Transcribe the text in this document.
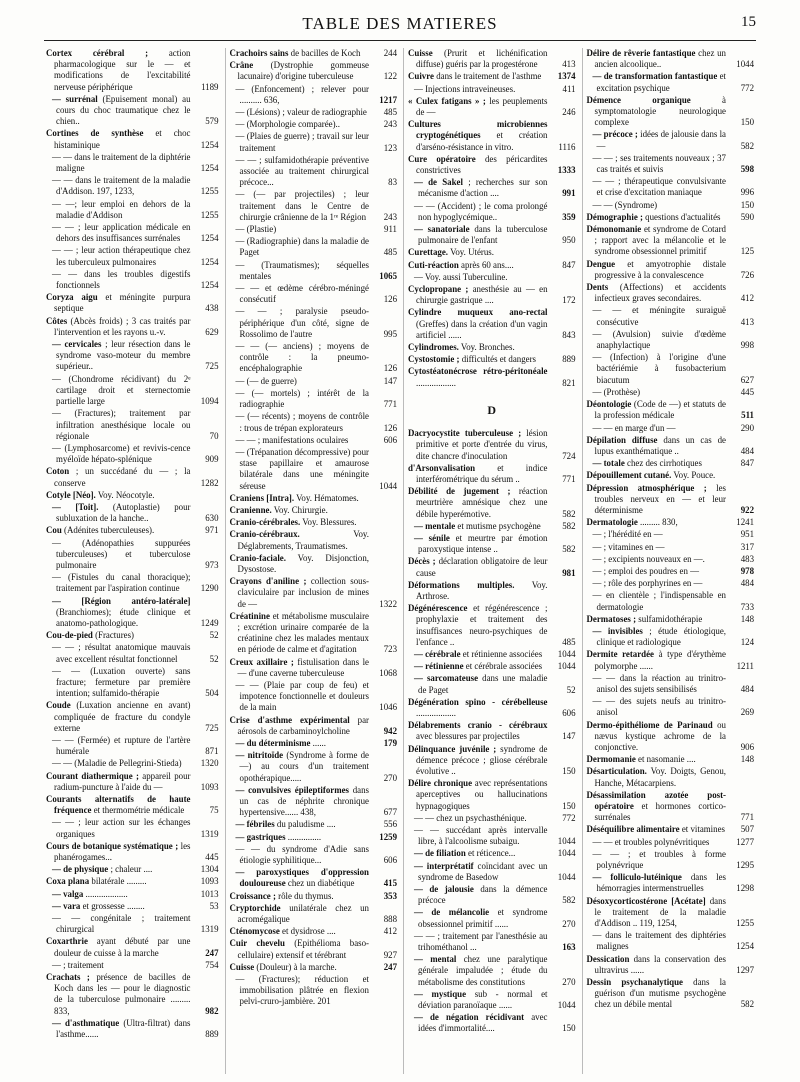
TABLE DES MATIERES	15
Cortex cérébral ; action pharmacologique sur le — et modifications de l'excitabilité nerveuse périphérique	1189
— surrénal (Epuisement monal) au cours du choc traumatique chez le chien..	579
Cortines de synthèse et choc histaminique	1254
— — dans le traitement de la diphtérie maligne	1254
— — dans le traitement de la maladie d'Addison. 197, 1233,	1255
— —; leur emploi en dehors de la maladie d'Addison	1255
— — ; leur application médicale en dehors des insuffisances surrénales	1254
— — ; leur action thérapeutique chez les tuberculeux pulmonaires	1254
— — dans les troubles digestifs fonctionnels	1254
Coryza aigu et méningite purpura septique	438
Côtes (Abcès froids) ; 3 cas traités par l'intervention et les rayons u.-v.	629
— cervicales ; leur résection dans le syndrome vaso-moteur du membre supérieur..	725
— (Chondrome récidivant) du 2ᵉ cartilage droit et sternectomie partielle large	1094
— (Fractures); traitement par infiltration anesthésique locale ou régionale	70
— (Lymphosarcome) et revivis-cence myéloïde hépato-splénique	909
Coton ; un succédané du — ; la conserve	1282
Cotyle [Néo]. Voy. Néocotyle.
— [Toit]. (Autoplastie) pour subluxation de la hanche..	630
Cou (Adénites tuberculeuses).	971
— (Adénopathies suppurées tuberculeuses) et tuberculose pulmonaire	973
— (Fistules du canal thoracique); traitement par l'aspiration continue	1290
— [Région antéro-latérale] (Branchiomes); étude clinique et anatomo-pathologique.	1249
Cou-de-pied (Fractures)	52
— — ; résultat anatomique mauvais avec excellent résultat fonctionnel	52
— — (Luxation ouverte) sans fracture; fermeture par première intention; sulfamido-thérapie	504
Coude (Luxation ancienne en avant) compliquée de fracture du condyle externe	725
— — (Fermée) et rupture de l'artère humérale	871
— — (Maladie de Pellegrini-Stieda)	1320
Courant diathermique ; appareil pour radium-puncture à l'aide du —	1093
Courants alternatifs de haute fréquence et thermométrie médicale	75
— — ; leur action sur les échanges organiques	1319
Cours de botanique systématique ; les phanérogames...	445
— de physique ; chaleur ....	1304
Coxa plana bilatérale .........	1093
— valga ...................	1013
— vara et grossesse ........	53
— — congénitale ; traitement chirurgical	1319
Coxarthrie ayant débuté par une douleur de cuisse à la marche	247
— ; traitement	754
Crachats ; présence de bacilles de Koch dans les — pour le diagnostic de la tuberculose pulmonaire ......... 833,	982
— d'asthmatique (Ultra-filtrat) dans l'asthme......	889
Crachoirs sains de bacilles de Koch	244
Crâne (Dystrophie gommeuse lacunaire) d'origine tuberculeuse	122
— (Enfoncement) ; relever pour .......... 636,	1217
— (Lésions) ; valeur de radiographie	485
— (Morphologie comparée)..	243
— (Plaies de guerre) ; travail sur leur traitement	123
— — ; sulfamidothérapie préventive associée au traitement chirurgical précoce...	83
— (— par projectiles) ; leur traitement dans le Centre de chirurgie crânienne de la 1ʳᵉ Région	243
— (Plastie)	911
— (Radiographie) dans la maladie de Paget	485
— (Traumatismes); séquelles mentales	1065
— — et œdème cérébro-méningé consécutif	126
— — ; paralysie pseudo-périphérique d'un côté, signe de Rossolimo de l'autre	995
— — (— anciens) ; moyens de contrôle : la pneumo-encéphalographie	126
— (— de guerre)	147
— (— mortels) ; intérêt de la radiographie	771
— (— récents) ; moyens de contrôle : trous de trépan explorateurs	126
— — ; manifestations oculaires	606
— (Trépanation décompressive) pour stase papillaire et amaurose bilatérale dans une méningite séreuse	1044
Craniens [Intra]. Voy. Hématomes.
Cranienne. Voy. Chirurgie.
Cranio-cérébrales. Voy. Blessures.
Cranio-cérébraux. Voy. Déglabrements, Traumatismes.
Cranio-faciale. Voy. Disjonction, Dysostose.
Crayons d'aniline ; collection sous-claviculaire par inclusion de mines de —	1322
Créatinine et métabolisme musculaire ; excrétion urinaire comparée de la créatinine chez les malades mentaux en période de calme et d'agitation	723
Creux axillaire ; fistulisation dans le — d'une caverne tuberculeuse	1068
— — (Plaie par coup de feu) et impotence fonctionnelle et douleurs de la main	1046
Crise d'asthme expérimental par aérosols de carbaminoylcholine	942
— du déterminisme ......	179
— nitritoïde (Syndrome à forme de —) au cours d'un traitement opothérapique.....	270
— convulsives épileptiformes dans un cas de néphrite chronique hypertensive...... 438,	677
— fébriles du paludisme ....	556
— gastriques ...............	1259
— — du syndrome d'Adie sans étiologie syphilitique...	606
— paroxystiques d'oppression douloureuse chez un diabétique	415
Croissance ; rôle du thymus.	353
Cryptorchide unilatérale chez un acromégalique	888
Cténomycose et dysidrose ....	412
Cuir chevelu (Epithélioma baso-cellulaire) extensif et térébrant	927
Cuisse (Douleur) à la marche.	247
— (Fractures); réduction et immobilisation plâtrée en flexion pelvi-cruro-jambière. 201
Cuisse (Prurit et lichénification diffuse) guéris par la progestérone	413
Cuivre dans le traitement de l'asthme	1374
— Injections intraveineuses.	411
« Culex fatigans » ; les peuplements de —	246
Cultures microbiennes cryptogénétiques et création d'arséno-résistance in vitro.	1116
Cure opératoire des péricardites constrictives	1333
— de Sakel ; recherches sur son mécanisme d'action ....	991
— — (Accident) ; le coma prolongé non hypoglycémique..	359
— sanatoriale dans la tuberculose pulmonaire de l'enfant	950
Curettage. Voy. Utérus.
Cuti-réaction après 60 ans....	847
— Voy. aussi Tuberculine.
Cyclopropane ; anesthésie au — en chirurgie gastrique ....	172
Cylindre muqueux ano-rectal (Greffes) dans la création d'un vagin artificiel ......	843
Cylindromes. Voy. Bronches.
Cystostomie ; difficultés et dangers	889
Cytostéatonécrose rétro-péritonéale ..................	821
D
Dacryocystite tuberculeuse ; lésion primitive et porte d'entrée du virus, dite chancre d'inoculation	724
d'Arsonvalisation et indice interférométrique du sérum ..	771
Débilité de jugement ; réaction meurtrière amnésique chez une débile hyperémotive.	582
— mentale et mutisme psychogène	582
— sénile et meurtre par émotion paroxystique intense ..	582
Décès ; déclaration obligatoire de leur cause	981
Déformations multiples. Voy. Arthrose.
Dégénérescence et régénérescence ; prophylaxie et traitement des insuffisances neuro-psychiques de l'enfance ..	485
— cérébrale et rétinienne associées	1044
— rétinienne et cérébrale associées	1044
— sarcomateuse dans une maladie de Paget	52
Dégénération spino - cérébelleuse ..................	606
Délabrements cranio - cérébraux avec blessures par projectiles	147
Délinquance juvénile ; syndrome de démence précoce ; gliose cérébrale évolutive ..	150
Délire chronique avec représentations aperceptives ou hallucinations hypnagogiques	150
— — chez un psychasthénique.	772
— — succédant après intervalle libre, à l'alcoolisme subaigu.	1044
— de filiation et réticence...	1044
— interprétatif coïncidant avec un syndrome de Basedow	1044
— de jalousie dans la démence précoce	582
— de mélancolie et syndrome obsessionnel primitif ......	270
— — ; traitement par l'anesthésie au trihométhanol ...	163
— mental chez une paralytique générale impaludée ; étude du métabolisme des constitutions	270
— mystique sub - normal et déviation paranoïaque ......	1044
— de négation récidivant avec idées d'immortalité....	150
Délire de rêverie fantastique chez un ancien alcoolique..	1044
— de transformation fantastique et excitation psychique	772
Démence organique à symptomatologie neurologique complexe	150
— précoce ; idées de jalousie dans la —	582
— — ; ses traitements nouveaux ; 37 cas traités et suivis	598
— — ; thérapeutique convulsivante et crise d'excitation maniaque	996
— — (Syndrome)	150
Démographie ; questions d'actualités	590
Démonomanie et syndrome de Cotard ; rapport avec la mélancolie et le syndrome obsessionnel primitif	125
Dengue et amyotrophie distale progressive à la convalescence	726
Dents (Affections) et accidents infectieux graves secondaires.	412
— — et méningite suraiguë consécutive	413
— (Avulsion) suivie d'œdème anaphylactique	998
— (Infection) à l'origine d'une bactériémie à fusobacterium biacutum	627
— (Prothèse)	445
Déontologie (Code de —) et statuts de la profession médicale	511
— — en marge d'un —	290
Dépilation diffuse dans un cas de lupus exanthématique ..	484
— totale chez des cirrhotiques	847
Dépouillement cutané. Voy. Pouce.
Dépression atmosphérique ; les troubles nerveux en — et leur déterminisme	922
Dermatologie ......... 830,	1241
— ; l'hérédité en —	951
— ; vitamines en —	317
— ; excipients nouveaux en —.	483
— ; emploi des poudres en —	978
— ; rôle des porphyrines en —	484
— en clientèle ; l'indispensable en dermatologie	733
Dermatoses ; sulfamidothérapie	148
— invisibles ; étude étiologique, clinique et radiologique	124
Dermite retardée à type d'érythème polymorphe ......	1211
— — dans la réaction au trinitro-anisol des sujets sensibilisés	484
— — des sujets neufs au trinitro-anisol	269
Dermo-épithéliome de Parinaud ou nævus kystique achrome de la conjonctive.	906
Dermomanie et nasomanie ....	148
Désarticulation. Voy. Doigts, Genou, Hanche, Métacarpiens.
Désassimilation azotée post-opératoire et hormones cortico-surrénales	771
Déséquilibre alimentaire et vitamines	507
— — et troubles polynévritiques	1277
— — ; et troubles à forme polynévrique	1295
— folliculo-lutéinique dans les hémorragies intermenstruelles	1298
Désoxycorticostérone [Acétate] dans le traitement de la maladie d'Addison .. 119, 1254,	1255
— dans le traitement des diphtéries malignes	1254
Dessication dans la conservation des ultravirus ......	1297
Dessin psychanalytique dans la guérison d'un mutisme psychogène chez un débile mental	582
